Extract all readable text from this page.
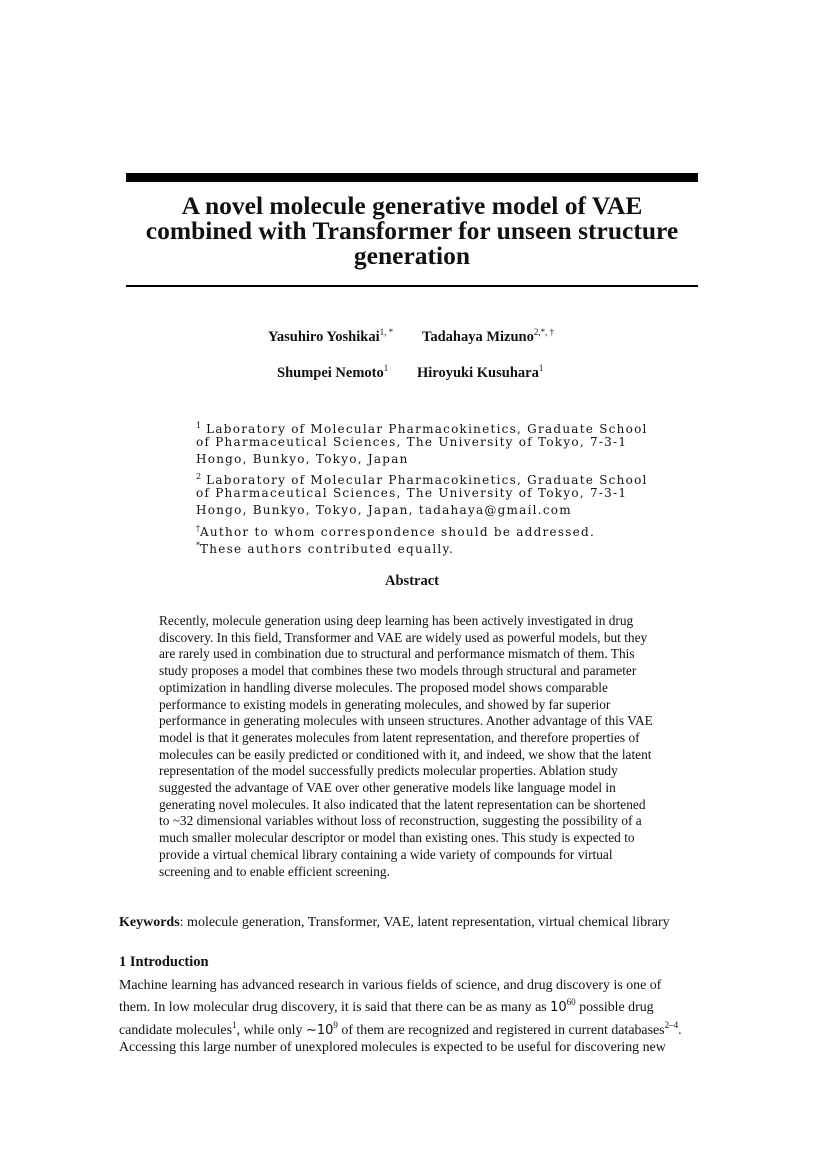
A novel molecule generative model of VAE
combined with Transformer for unseen structure
generation
Yasuhiro Yoshikai$^{1, *}$ Tadahaya Mizuno$^{2,*, \dagger}$
Shumpei Nemoto$^1$ Hiroyuki Kusuhara$^1$
$^1$ Laboratory of Molecular Pharmacokinetics, Graduate School
of Pharmaceutical Sciences, The University of Tokyo, 7-3-1
Hongo, Bunkyo, Tokyo, Japan
$^2$ Laboratory of Molecular Pharmacokinetics, Graduate School
of Pharmaceutical Sciences, The University of Tokyo, 7-3-1
Hongo, Bunkyo, Tokyo, Japan, tadahaya@gmail.com
†Author to whom correspondence should be addressed.
*These authors contributed equally.
Abstract
Recently, molecule generation using deep learning has been actively investigated in drug
discovery. In this field, Transformer and VAE are widely used as powerful models, but they
are rarely used in combination due to structural and performance mismatch of them. This
study proposes a model that combines these two models through structural and parameter
optimization in handling diverse molecules. The proposed model shows comparable
performance to existing models in generating molecules, and showed by far superior
performance in generating molecules with unseen structures. Another advantage of this VAE
model is that it generates molecules from latent representation, and therefore properties of
molecules can be easily predicted or conditioned with it, and indeed, we show that the latent
representation of the model successfully predicts molecular properties. Ablation study
suggested the advantage of VAE over other generative models like language model in
generating novel molecules. It also indicated that the latent representation can be shortened
to ~32 dimensional variables without loss of reconstruction, suggesting the possibility of a
much smaller molecular descriptor or model than existing ones. This study is expected to
provide a virtual chemical library containing a wide variety of compounds for virtual
screening and to enable efficient screening.
Keywords: molecule generation, Transformer, VAE, latent representation, virtual chemical library
1 Introduction
Machine learning has advanced research in various fields of science, and drug discovery is one of
them. In low molecular drug discovery, it is said that there can be as many as $10^{60}$ possible drug
candidate molecules$^1$, while only $\sim 10^9$ of them are recognized and registered in current databases$^{2-4}$.
Accessing this large number of unexplored molecules is expected to be useful for discovering new
